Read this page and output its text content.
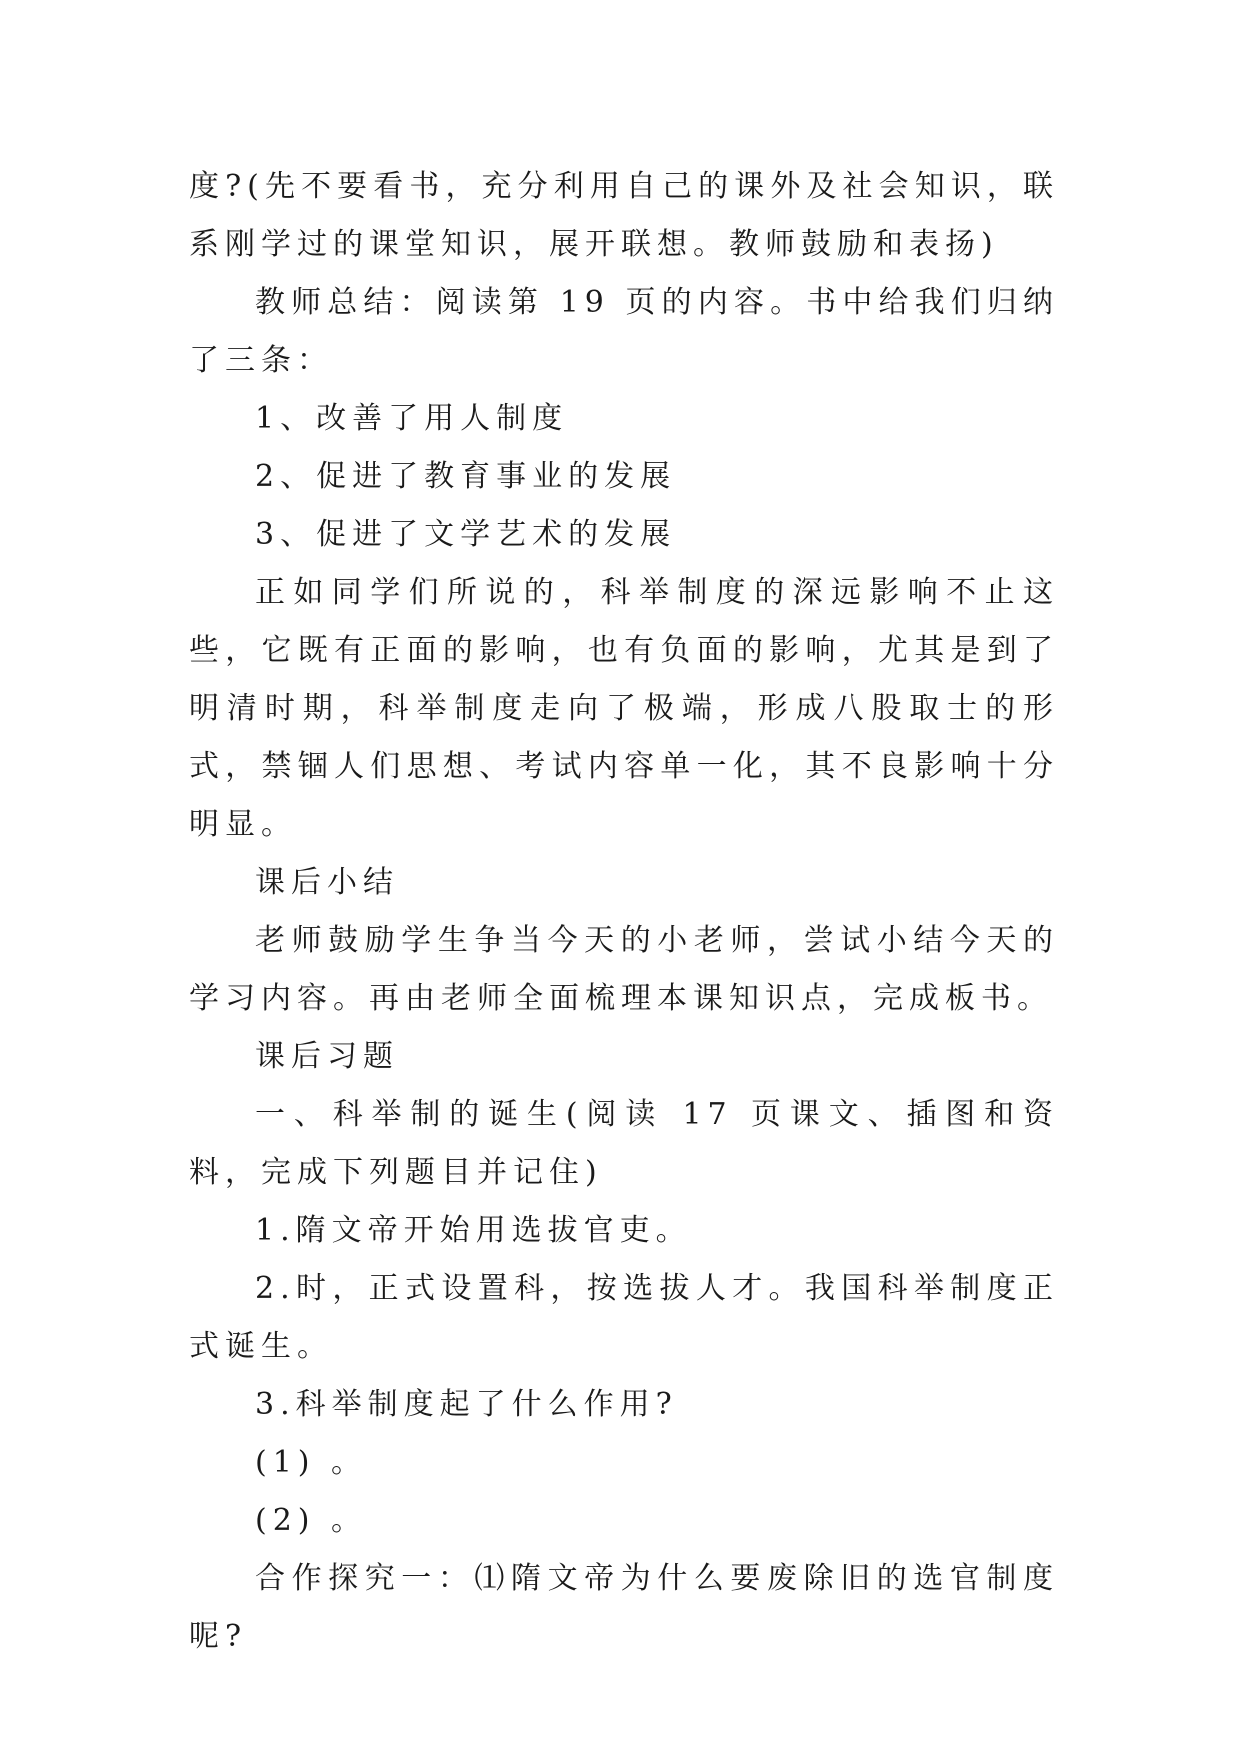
度?(先不要看书，充分利用自己的课外及社会知识，联系刚学过的课堂知识，展开联想。教师鼓励和表扬)

教师总结：阅读第 19 页的内容。书中给我们归纳了三条：

1、改善了用人制度

2、促进了教育事业的发展

3、促进了文学艺术的发展

正如同学们所说的，科举制度的深远影响不止这些，它既有正面的影响，也有负面的影响，尤其是到了明清时期，科举制度走向了极端，形成八股取士的形式，禁锢人们思想、考试内容单一化，其不良影响十分明显。

课后小结

老师鼓励学生争当今天的小老师，尝试小结今天的学习内容。再由老师全面梳理本课知识点，完成板书。

课后习题

一、科举制的诞生(阅读 17 页课文、插图和资料，完成下列题目并记住)

1.隋文帝开始用选拔官吏。

2.时，正式设置科，按选拔人才。我国科举制度正式诞生。

3.科举制度起了什么作用?

(1) 。

(2) 。

合作探究一：⑴隋文帝为什么要废除旧的选官制度呢?
